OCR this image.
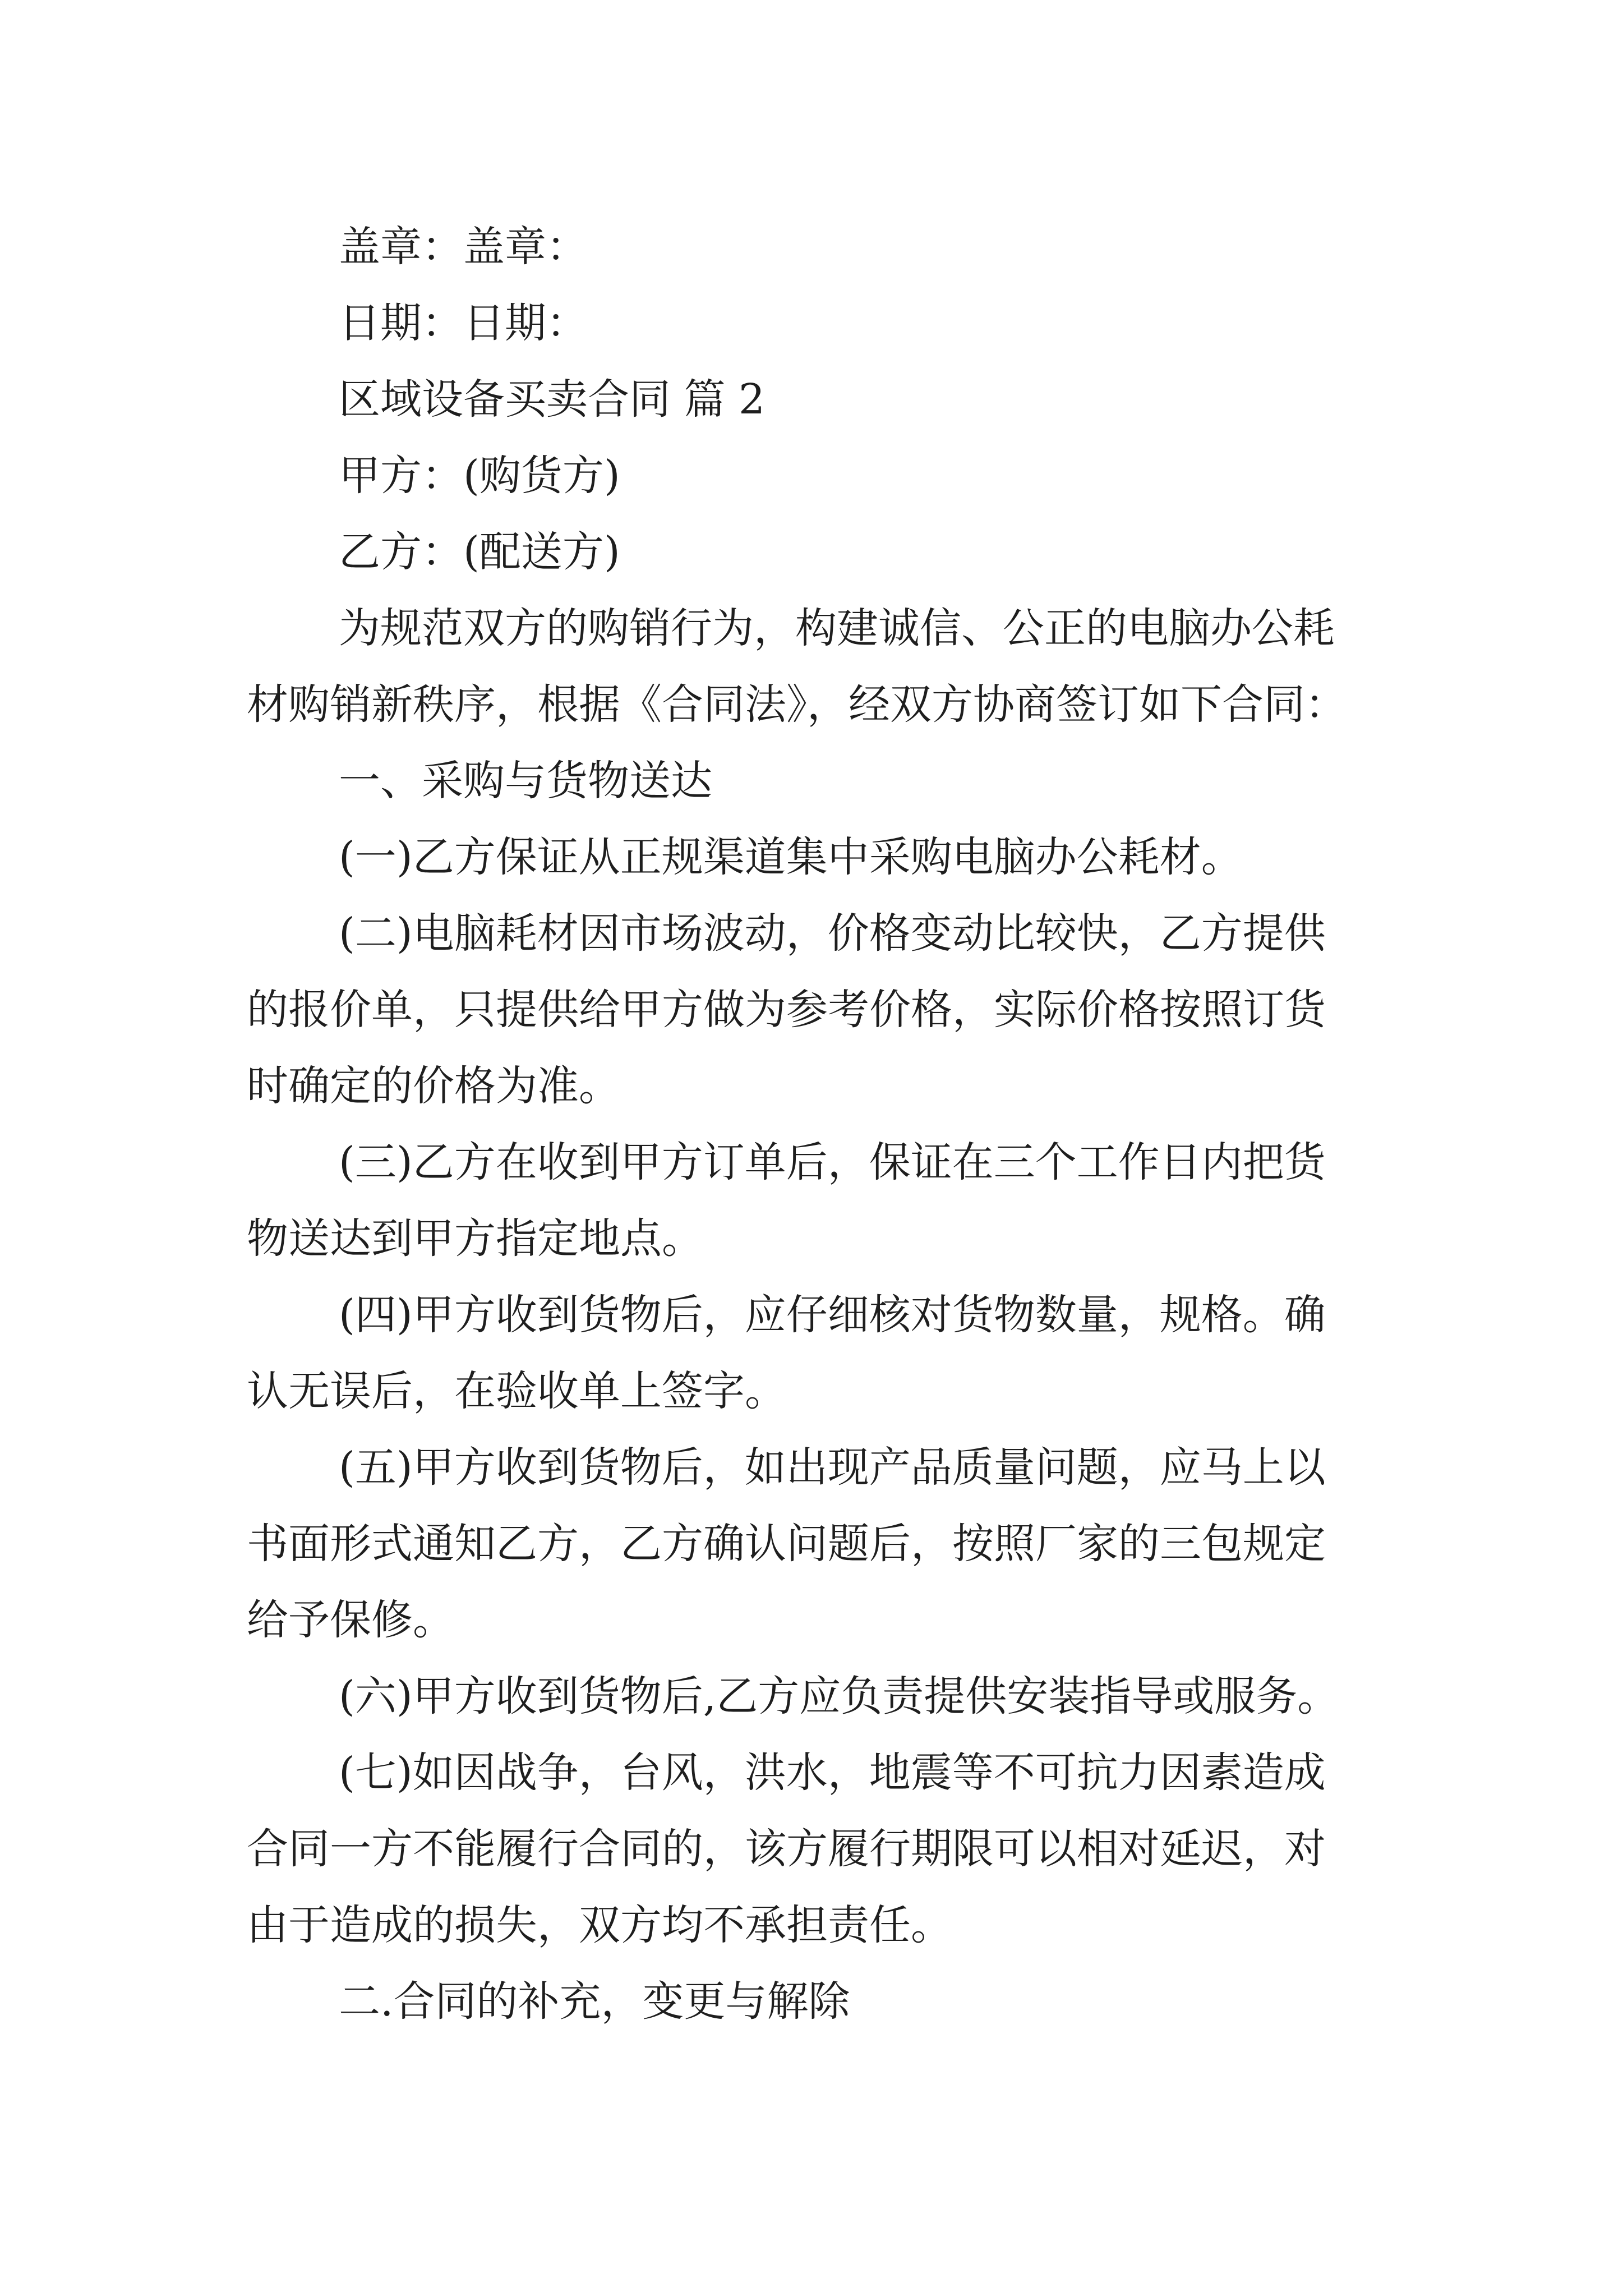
盖章：盖章：
日期：日期：
区域设备买卖合同 篇 2
甲方：(购货方)
乙方：(配送方)
为规范双方的购销行为，构建诚信、公正的电脑办公耗
材购销新秩序，根据《合同法》，经双方协商签订如下合同：
一、采购与货物送达
(一)乙方保证从正规渠道集中采购电脑办公耗材。
(二)电脑耗材因市场波动，价格变动比较快，乙方提供
的报价单，只提供给甲方做为参考价格，实际价格按照订货
时确定的价格为准。
(三)乙方在收到甲方订单后，保证在三个工作日内把货
物送达到甲方指定地点。
(四)甲方收到货物后，应仔细核对货物数量，规格。确
认无误后，在验收单上签字。
(五)甲方收到货物后，如出现产品质量问题，应马上以
书面形式通知乙方，乙方确认问题后，按照厂家的三包规定
给予保修。
(六)甲方收到货物后,乙方应负责提供安装指导或服务。
(七)如因战争，台风，洪水，地震等不可抗力因素造成
合同一方不能履行合同的，该方履行期限可以相对延迟，对
由于造成的损失，双方均不承担责任。
二.合同的补充，变更与解除
